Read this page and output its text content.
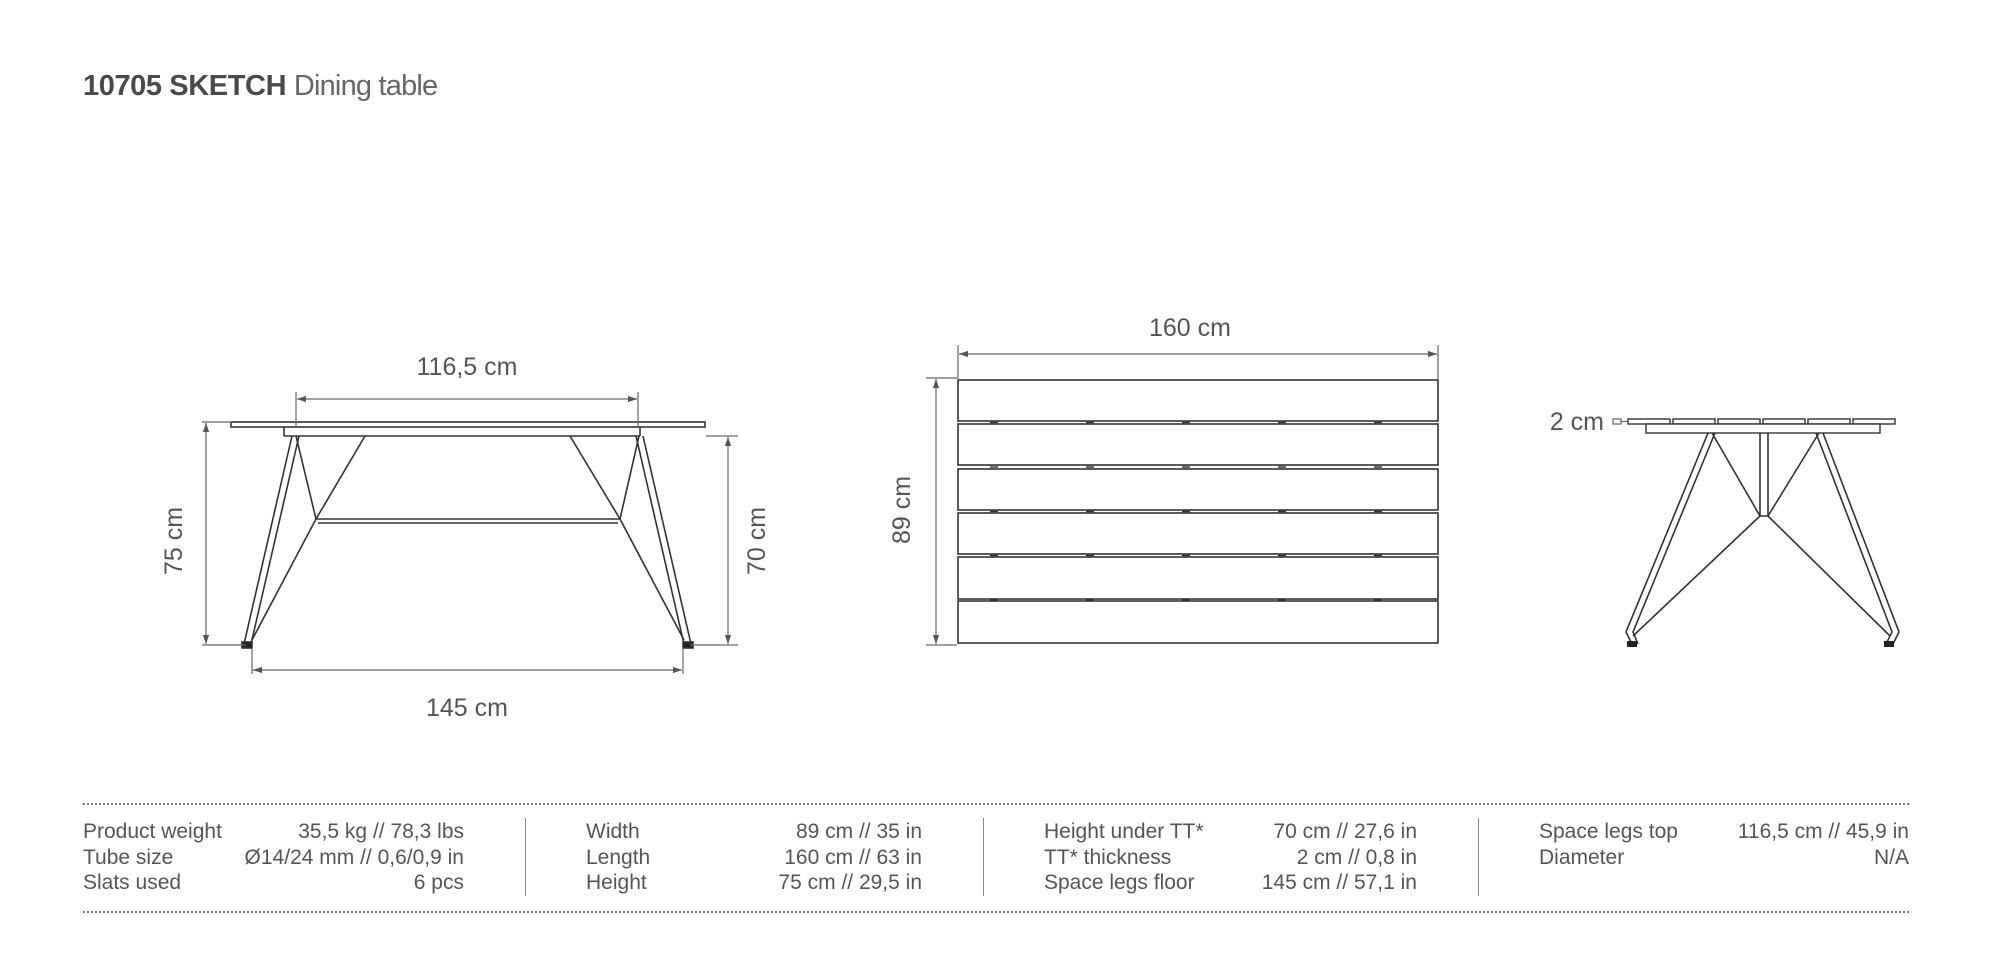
10705 SKETCH Dining table
116,5 cm
75 cm	70 cm
145 cm
160 cm
89 cm
2 cm
Product weight	35,5 kg // 78,3 lbs
Tube size	Ø14/24 mm // 0,6/0,9 in
Slats used	6 pcs
Width	89 cm // 35 in
Length	160 cm // 63 in
Height	75 cm // 29,5 in
Height under TT*	70 cm // 27,6 in
TT* thickness	2 cm // 0,8 in
Space legs floor	145 cm // 57,1 in
Space legs top	116,5 cm // 45,9 in
Diameter	N/A
